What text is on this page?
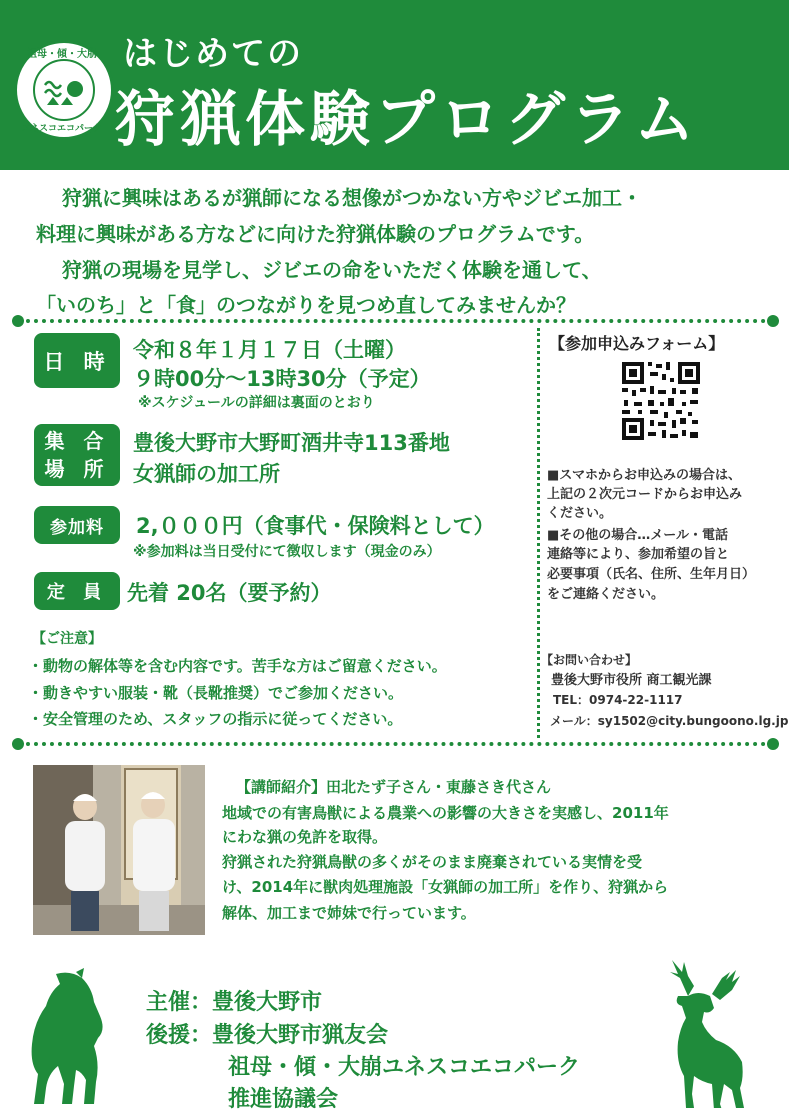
祖母・傾・大崩
ユネスコエコパーク
はじめての
狩猟体験プログラム
狩猟に興味はあるが猟師になる想像がつかない方やジビエ加工・
料理に興味がある方などに向けた狩猟体験のプログラムです。
狩猟の現場を見学し、ジビエの命をいただく体験を通して、
「いのち」と「食」のつながりを見つめ直してみませんか？
日 時	令和８年１月１７日（土曜）
９時00分～13時30分（予定）
※スケジュールの詳細は裏面のとおり
集 合
場 所
豊後大野市大野町酒井寺113番地
女猟師の加工所
参加料	2,０００円（食事代・保険料として）
※参加料は当日受付にて徴収します（現金のみ）
定 員 先着 20名（要予約）
【ご注意】
・動物の解体等を含む内容です。苦手な方はご留意ください。
・動きやすい服装・靴（長靴推奨）でご参加ください。
・安全管理のため、スタッフの指示に従ってください。
【参加申込みフォーム】
■スマホからお申込みの場合は、
上記の２次元コードからお申込み
ください。
■その他の場合…メール・電話
連絡等により、参加希望の旨と
必要事項（氏名、住所、生年月日）
をご連絡ください。
【お問い合わせ】
豊後大野市役所 商工観光課
TEL：0974-22-1117
メール：sy1502@city.bungoono.lg.jp
【講師紹介】田北たず子さん・東藤さき代さん
地域での有害鳥獣による農業への影響の大きさを実感し、2011年
にわな猟の免許を取得。
狩猟された狩猟鳥獣の多くがそのまま廃棄されている実情を受
け、2014年に獣肉処理施設「女猟師の加工所」を作り、狩猟から
解体、加工まで姉妹で行っています。
主催：豊後大野市
後援：豊後大野市猟友会
祖母・傾・大崩ユネスコエコパーク
推進協議会
